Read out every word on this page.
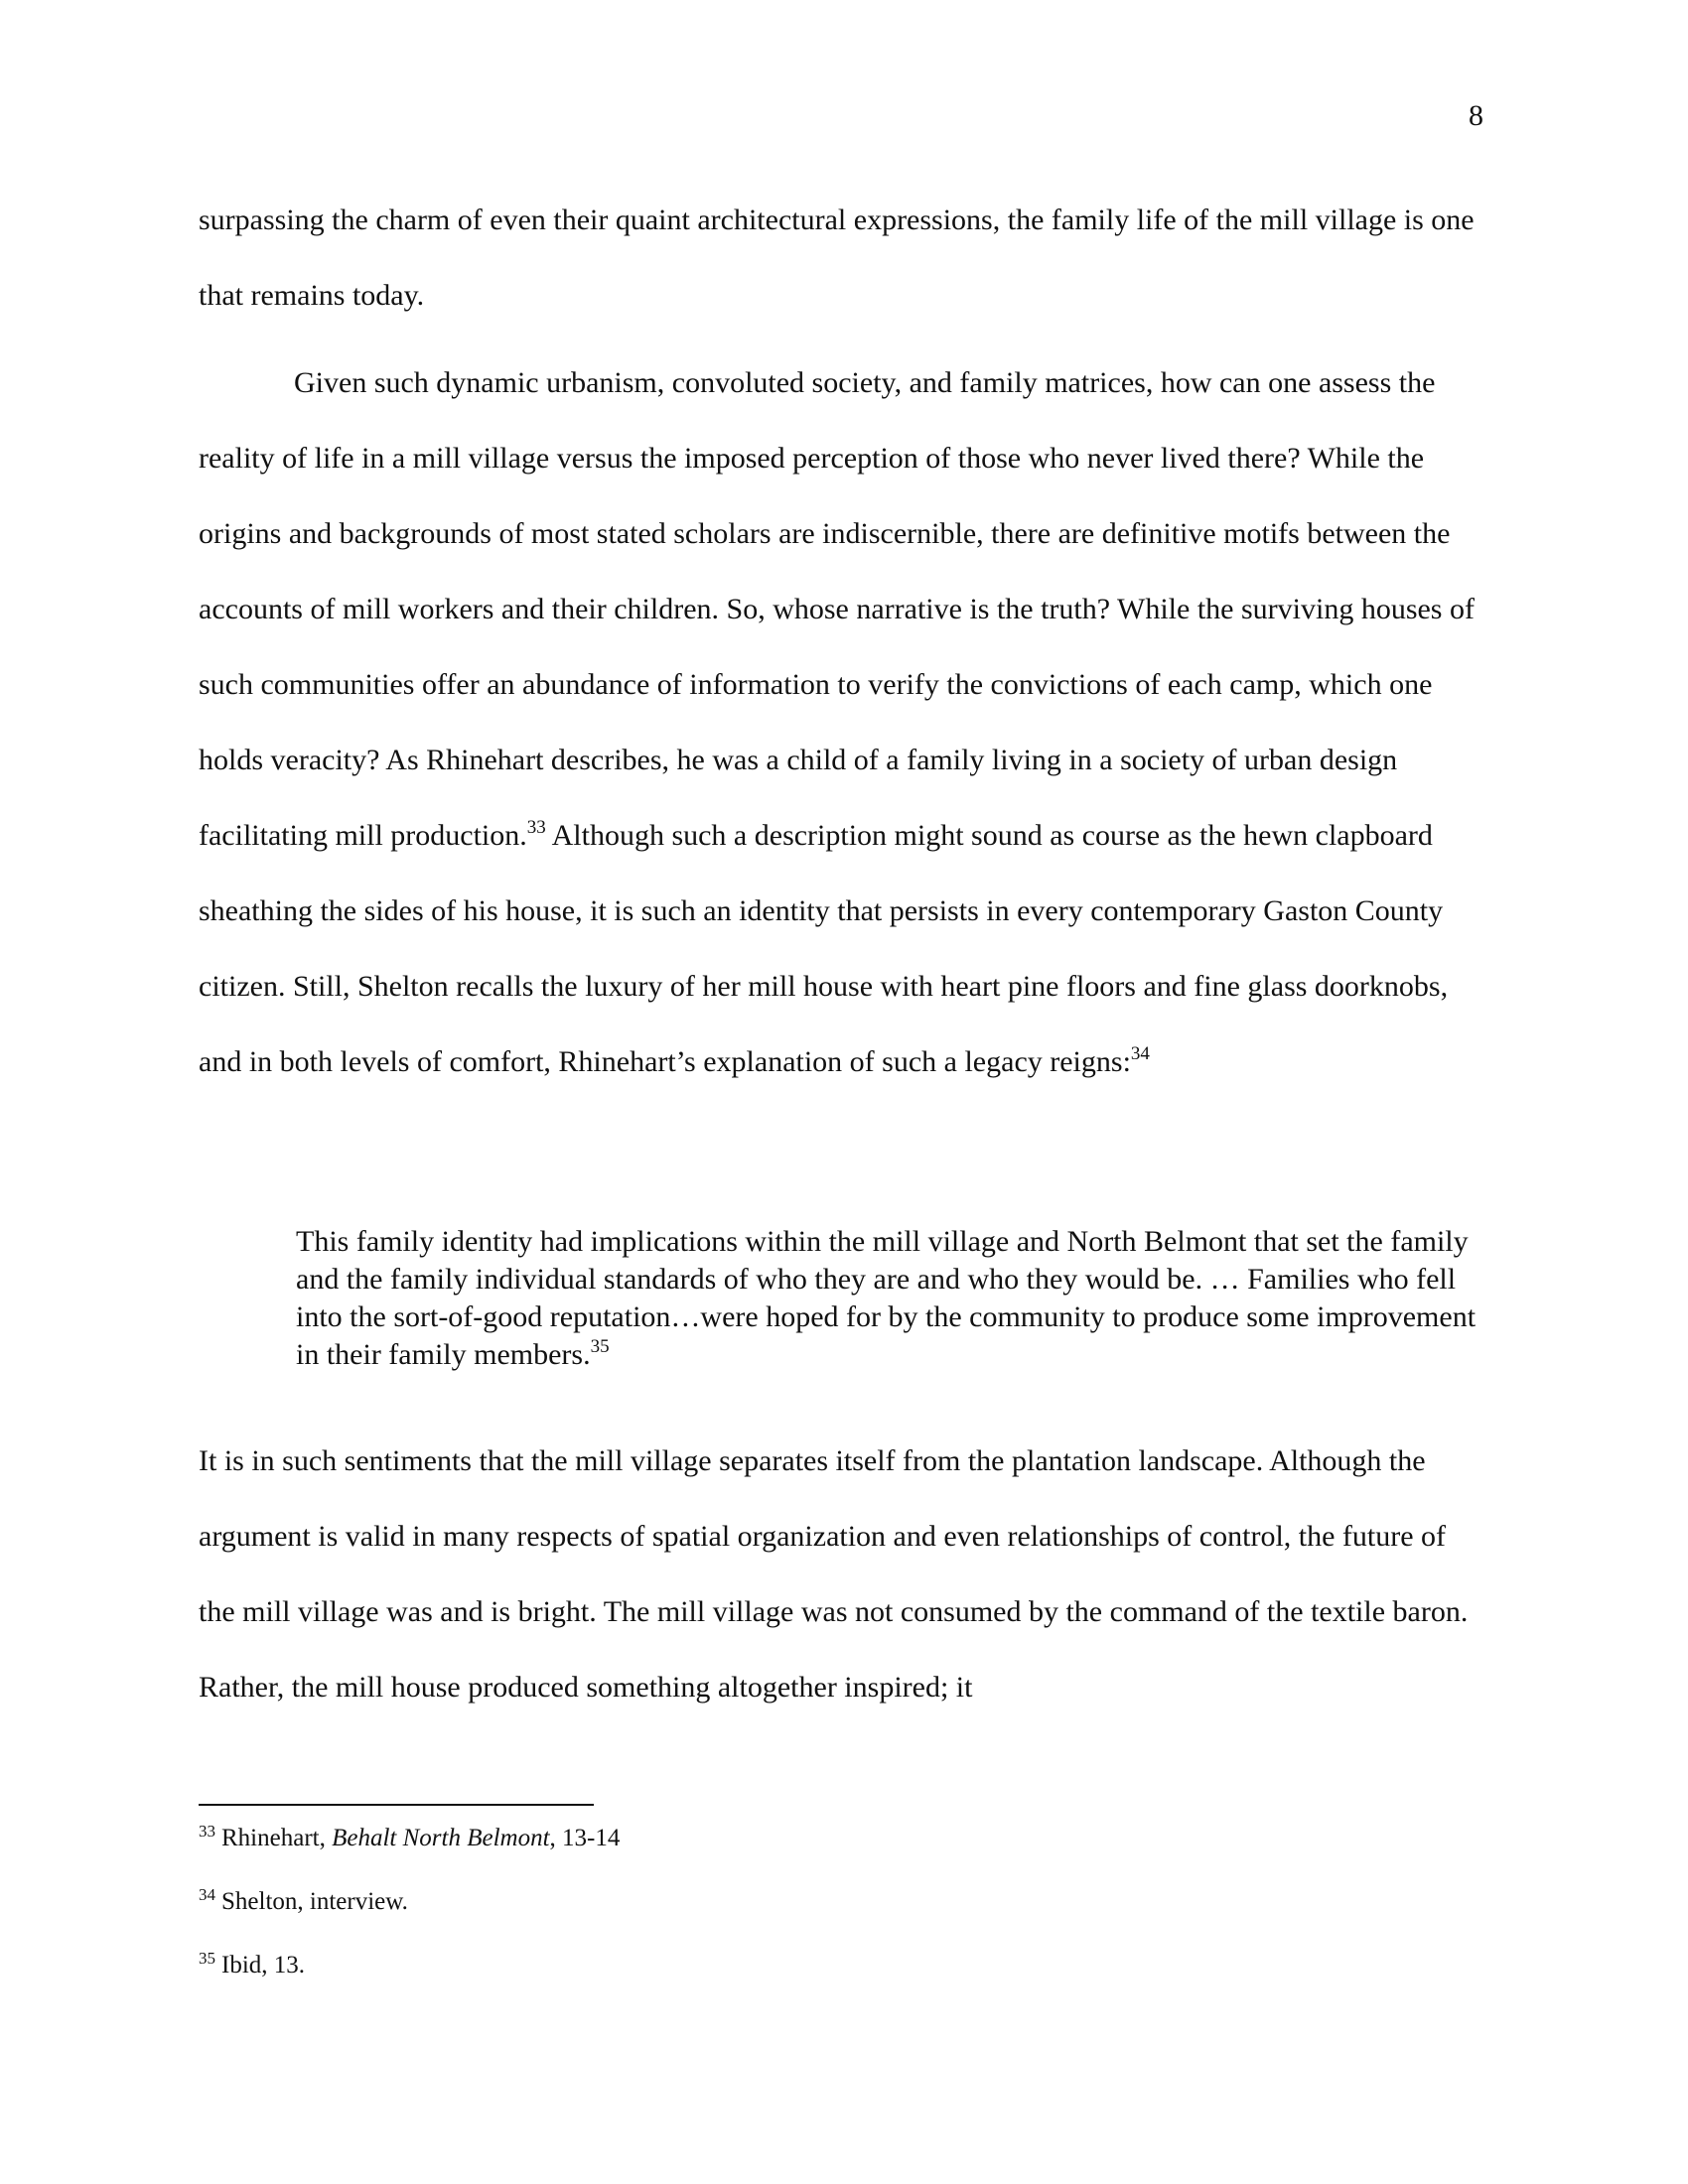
8

surpassing the charm of even their quaint architectural expressions, the family life of the mill village is one that remains today.

Given such dynamic urbanism, convoluted society, and family matrices, how can one assess the reality of life in a mill village versus the imposed perception of those who never lived there? While the origins and backgrounds of most stated scholars are indiscernible, there are definitive motifs between the accounts of mill workers and their children. So, whose narrative is the truth? While the surviving houses of such communities offer an abundance of information to verify the convictions of each camp, which one holds veracity? As Rhinehart describes, he was a child of a family living in a society of urban design facilitating mill production.$^{33}$ Although such a description might sound as course as the hewn clapboard sheathing the sides of his house, it is such an identity that persists in every contemporary Gaston County citizen. Still, Shelton recalls the luxury of her mill house with heart pine floors and fine glass doorknobs, and in both levels of comfort, Rhinehart’s explanation of such a legacy reigns:$^{34}$

This family identity had implications within the mill village and North Belmont that set the family and the family individual standards of who they are and who they would be. … Families who fell into the sort-of-good reputation…were hoped for by the community to produce some improvement in their family members.$^{35}$

It is in such sentiments that the mill village separates itself from the plantation landscape. Although the argument is valid in many respects of spatial organization and even relationships of control, the future of the mill village was and is bright. The mill village was not consumed by the command of the textile baron. Rather, the mill house produced something altogether inspired; it

$^{33}$ Rhinehart, Behalt North Belmont, 13-14

$^{34}$ Shelton, interview.

$^{35}$ Ibid, 13.
